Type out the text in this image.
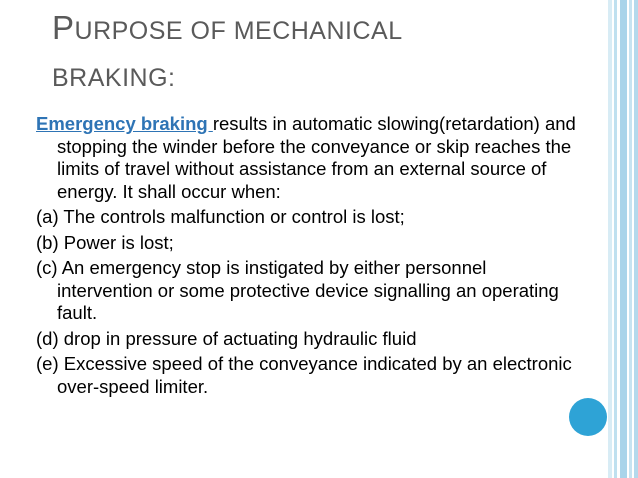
PURPOSE OF MECHANICAL
BRAKING:

Emergency braking results in automatic slowing(retardation) and stopping the winder before the conveyance or skip reaches the limits of travel without assistance from an external source of energy. It shall occur when:

(a) The controls malfunction or control is lost;

(b) Power is lost;

(c) An emergency stop is instigated by either personnel intervention or some protective device signalling an operating fault.

(d) drop in pressure of actuating hydraulic fluid

(e) Excessive speed of the conveyance indicated by an electronic over-speed limiter.
